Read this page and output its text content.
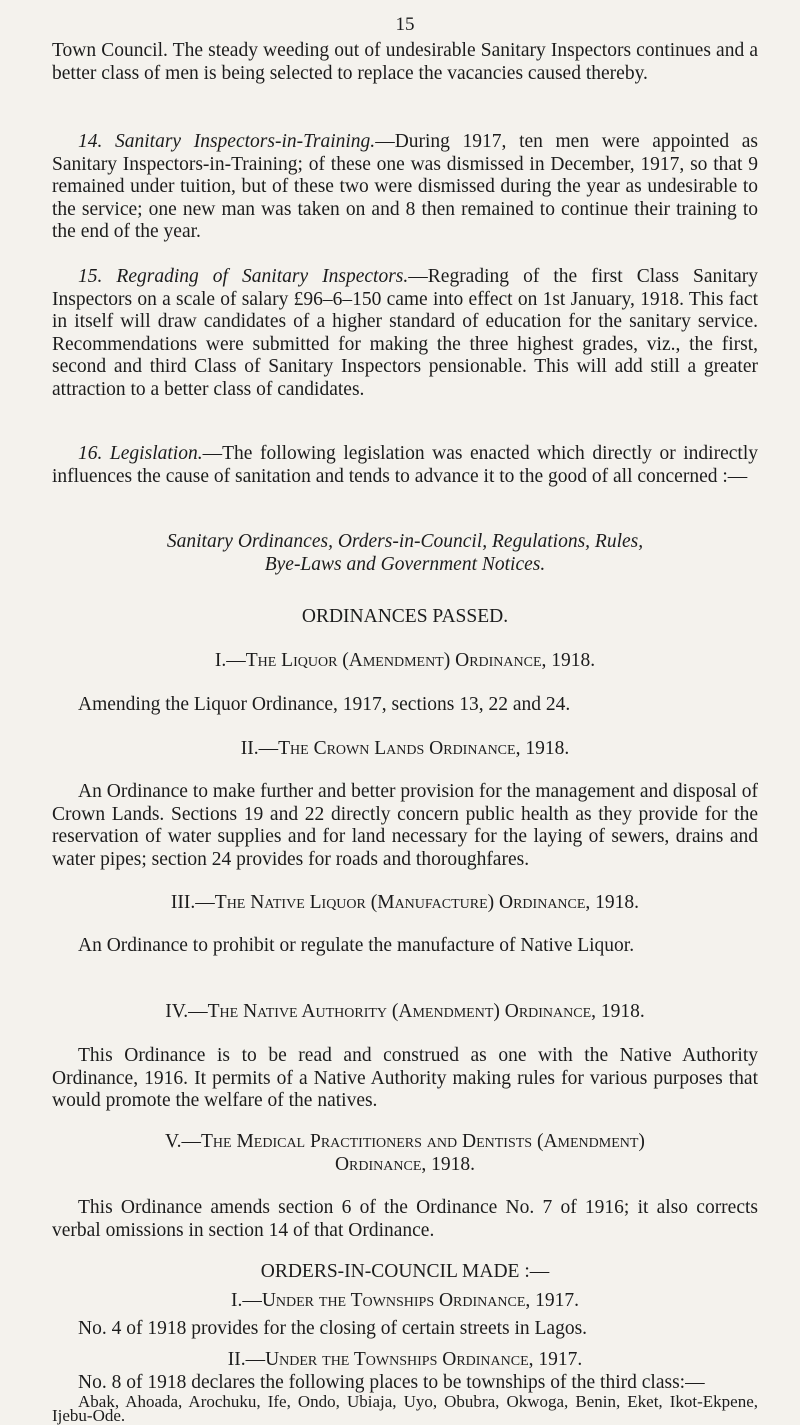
15

Town Council. The steady weeding out of undesirable Sanitary Inspectors continues and a better class of men is being selected to replace the vacancies caused thereby.

14. Sanitary Inspectors-in-Training.—During 1917, ten men were appointed as Sanitary Inspectors-in-Training; of these one was dismissed in December, 1917, so that 9 remained under tuition, but of these two were dismissed during the year as undesirable to the service; one new man was taken on and 8 then remained to continue their training to the end of the year.

15. Regrading of Sanitary Inspectors.—Regrading of the first Class Sanitary Inspectors on a scale of salary £96–6–150 came into effect on 1st January, 1918. This fact in itself will draw candidates of a higher standard of education for the sanitary service. Recommendations were submitted for making the three highest grades, viz., the first, second and third Class of Sanitary Inspectors pensionable. This will add still a greater attraction to a better class of candidates.

16. Legislation.—The following legislation was enacted which directly or indirectly influences the cause of sanitation and tends to advance it to the good of all concerned :—

Sanitary Ordinances, Orders-in-Council, Regulations, Rules,
Bye-Laws and Government Notices.

ORDINANCES PASSED.

I.—The Liquor (Amendment) Ordinance, 1918.

Amending the Liquor Ordinance, 1917, sections 13, 22 and 24.

II.—The Crown Lands Ordinance, 1918.

An Ordinance to make further and better provision for the management and disposal of Crown Lands. Sections 19 and 22 directly concern public health as they provide for the reservation of water supplies and for land necessary for the laying of sewers, drains and water pipes; section 24 provides for roads and thoroughfares.

III.—The Native Liquor (Manufacture) Ordinance, 1918.

An Ordinance to prohibit or regulate the manufacture of Native Liquor.

IV.—The Native Authority (Amendment) Ordinance, 1918.

This Ordinance is to be read and construed as one with the Native Authority Ordinance, 1916. It permits of a Native Authority making rules for various purposes that would promote the welfare of the natives.

V.—The Medical Practitioners and Dentists (Amendment)
Ordinance, 1918.

This Ordinance amends section 6 of the Ordinance No. 7 of 1916; it also corrects verbal omissions in section 14 of that Ordinance.

ORDERS-IN-COUNCIL MADE :—

I.—Under the Townships Ordinance, 1917.

No. 4 of 1918 provides for the closing of certain streets in Lagos.

II.—Under the Townships Ordinance, 1917.

No. 8 of 1918 declares the following places to be townships of the third class:—

Abak, Ahoada, Arochuku, Ife, Ondo, Ubiaja, Uyo, Obubra, Okwoga, Benin, Eket, Ikot-Ekpene, Ijebu-Ode.
